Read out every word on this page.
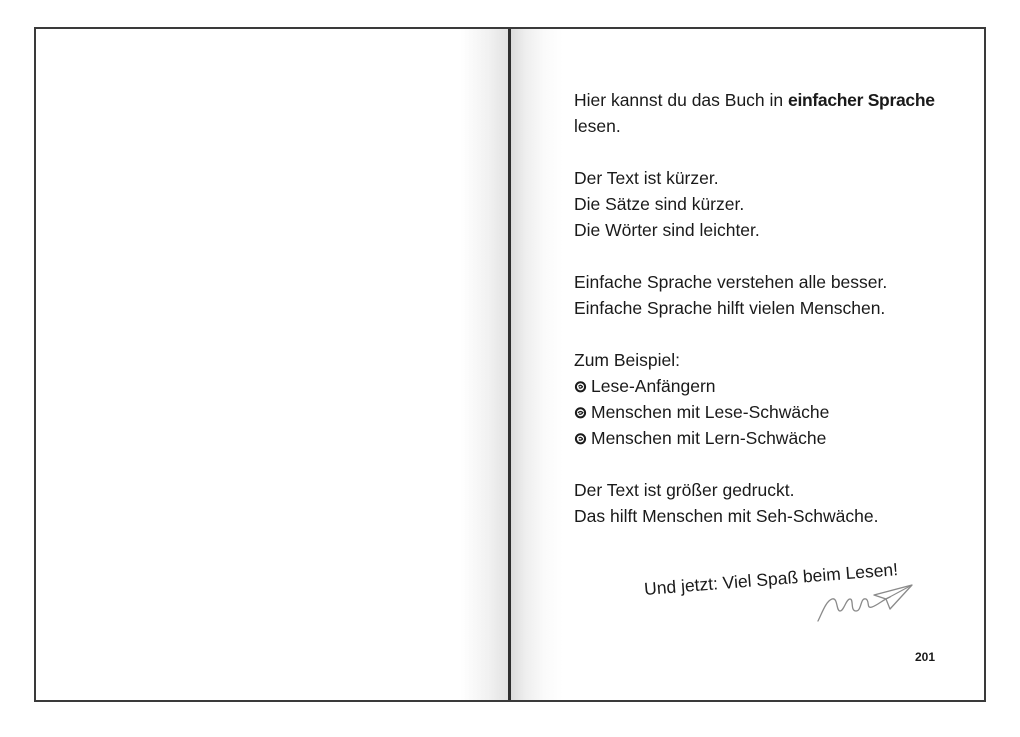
Hier kannst du das Buch in einfacher Sprache
lesen.

Der Text ist kürzer.
Die Sätze sind kürzer.
Die Wörter sind leichter.

Einfache Sprache verstehen alle besser.
Einfache Sprache hilft vielen Menschen.

Zum Beispiel:
Lese-Anfängern
Menschen mit Lese-Schwäche
Menschen mit Lern-Schwäche

Der Text ist größer gedruckt.
Das hilft Menschen mit Seh-Schwäche.

Und jetzt: Viel Spaß beim Lesen!
201
